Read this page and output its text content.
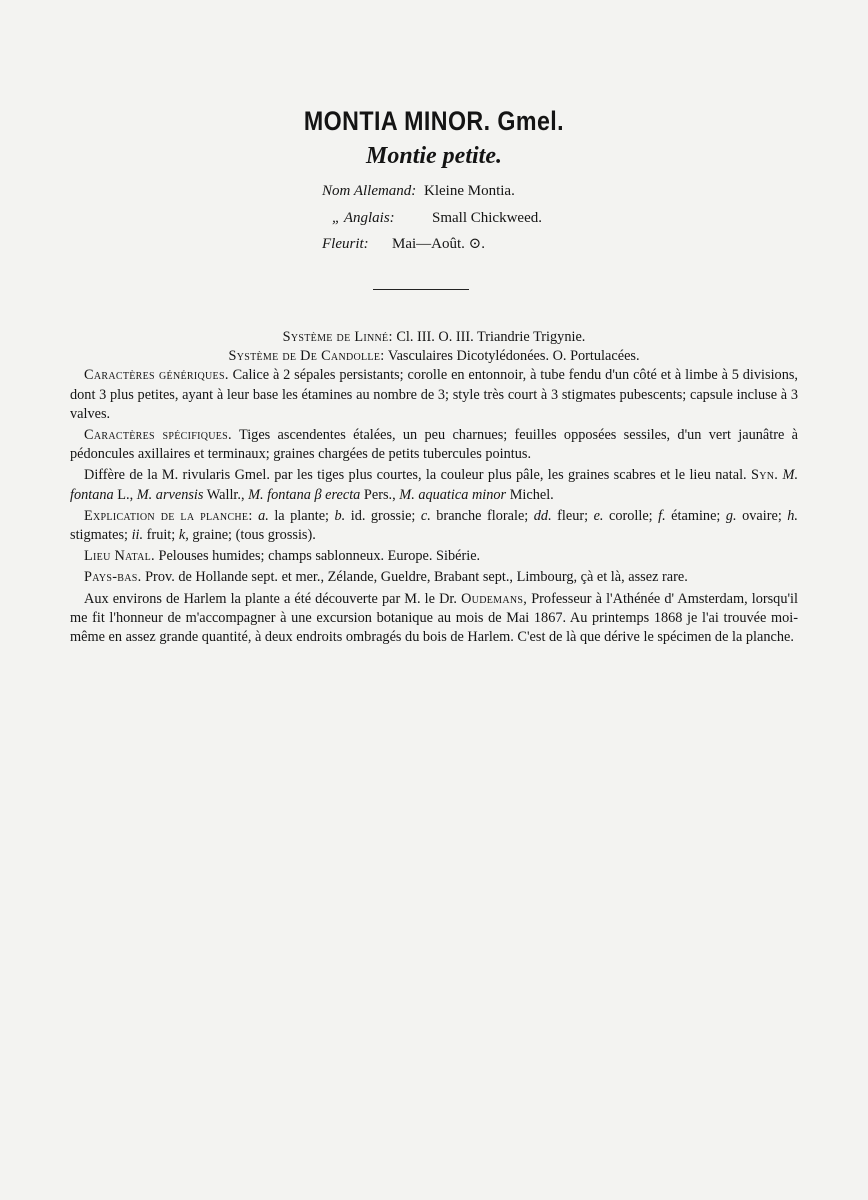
MONTIA MINOR. Gmel.
Montie petite.
Nom Allemand: Kleine Montia.
„ Anglais: Small Chickweed.
Fleurit: Mai—Août. ⊙.

Système de Linné: Cl. III. O. III. Triandrie Trigynie.

Système de De Candolle: Vasculaires Dicotylédonées. O. Portulacées.

Caractères génériques. Calice à 2 sépales persistants; corolle en entonnoir, à tube fendu d'un côté et à limbe à 5 divisions, dont 3 plus petites, ayant à leur base les étamines au nombre de 3; style très court à 3 stigmates pubescents; capsule incluse à 3 valves.

Caractères spécifiques. Tiges ascendentes étalées, un peu charnues; feuilles opposées sessiles, d'un vert jaunâtre à pédoncules axillaires et terminaux; graines chargées de petits tubercules pointus.

Diffère de la M. rivularis Gmel. par les tiges plus courtes, la couleur plus pâle, les graines scabres et le lieu natal. Syn. M. fontana L., M. arvensis Wallr., M. fontana β erecta Pers., M. aquatica minor Michel.

Explication de la planche: a. la plante; b. id. grossie; c. branche florale; dd. fleur; e. corolle; f. étamine; g. ovaire; h. stigmates; ii. fruit; k, graine; (tous grossis).

Lieu Natal. Pelouses humides; champs sablonneux. Europe. Sibérie.

Pays-bas. Prov. de Hollande sept. et mer., Zélande, Gueldre, Brabant sept., Limbourg, çà et là, assez rare.

Aux environs de Harlem la plante a été découverte par M. le Dr. Oudemans, Professeur à l'Athénée d' Amsterdam, lorsqu'il me fit l'honneur de m'accompagner à une excursion botanique au mois de Mai 1867. Au printemps 1868 je l'ai trouvée moi-même en assez grande quantité, à deux endroits ombragés du bois de Harlem. C'est de là que dérive le spécimen de la planche.
